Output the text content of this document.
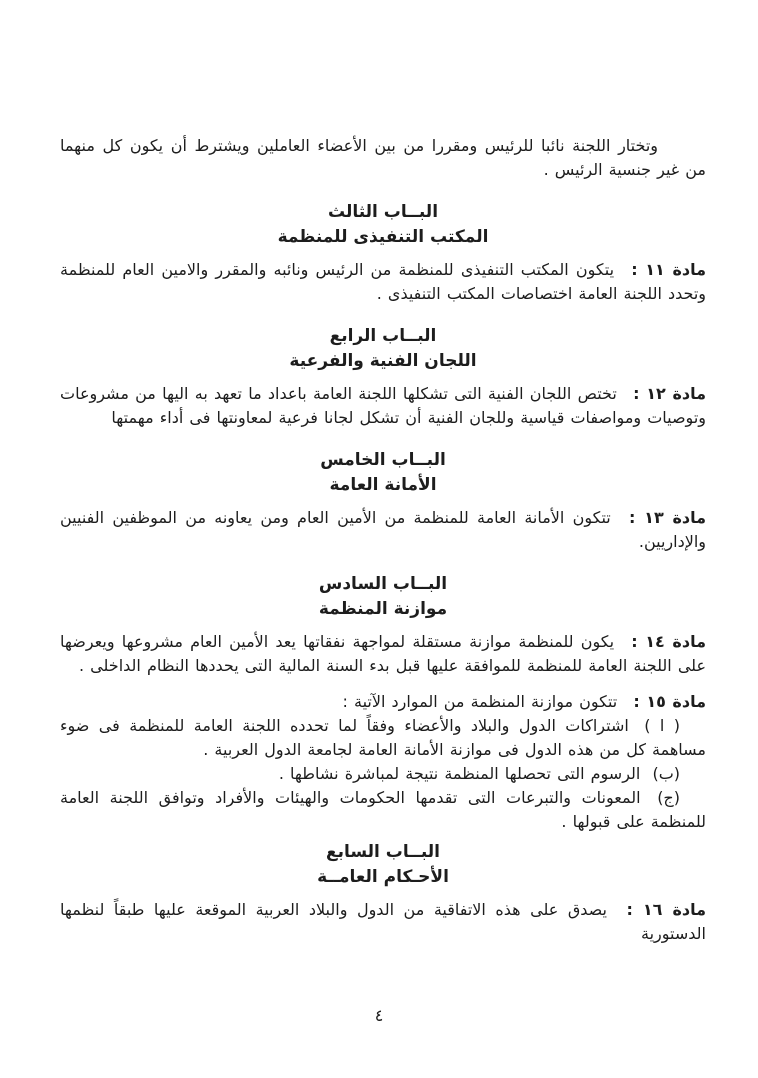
وتختار اللجنة نائبا للرئيس ومقررا من بين الأعضاء العاملين ويشترط أن يكون كل منهما من غير جنسية الرئيس .

البــاب الثالث
المكتب التنفيذى للمنظمة

مادة ١١ : يتكون المكتب التنفيذى للمنظمة من الرئيس ونائبه والمقرر والامين العام للمنظمة وتحدد اللجنة العامة اختصاصات المكتب التنفيذى .

البــاب الرابع
اللجان الفنية والفرعية

مادة ١٢ : تختص اللجان الفنية التى تشكلها اللجنة العامة باعداد ما تعهد به اليها من مشروعات وتوصيات ومواصفات قياسية وللجان الفنية أن تشكل لجانا فرعية لمعاونتها فى أداء مهمتها

البــاب الخامس
الأمانة العامة

مادة ١٣ : تتكون الأمانة العامة للمنظمة من الأمين العام ومن يعاونه من الموظفين الفنيين والإداريين.

البــاب السادس
موازنة المنظمة

مادة ١٤ : يكون للمنظمة موازنة مستقلة لمواجهة نفقاتها يعد الأمين العام مشروعها ويعرضها على اللجنة العامة للمنظمة للموافقة عليها قبل بدء السنة المالية التى يحددها النظام الداخلى .

مادة ١٥ : تتكون موازنة المنظمة من الموارد الآتية :

( ا ) اشتراكات الدول والبلاد والأعضاء وفقاً لما تحدده اللجنة العامة للمنظمة فى ضوء مساهمة كل من هذه الدول فى موازنة الأمانة العامة لجامعة الدول العربية .

(ب) الرسوم التى تحصلها المنظمة نتيجة لمباشرة نشاطها .

(ج) المعونات والتبرعات التى تقدمها الحكومات والهيئات والأفراد وتوافق اللجنة العامة للمنظمة على قبولها .

البــاب السابع
الأحـكام العامــة

مادة ١٦ : يصدق على هذه الاتفاقية من الدول والبلاد العربية الموقعة عليها طبقاً لنظمها الدستورية

٤
